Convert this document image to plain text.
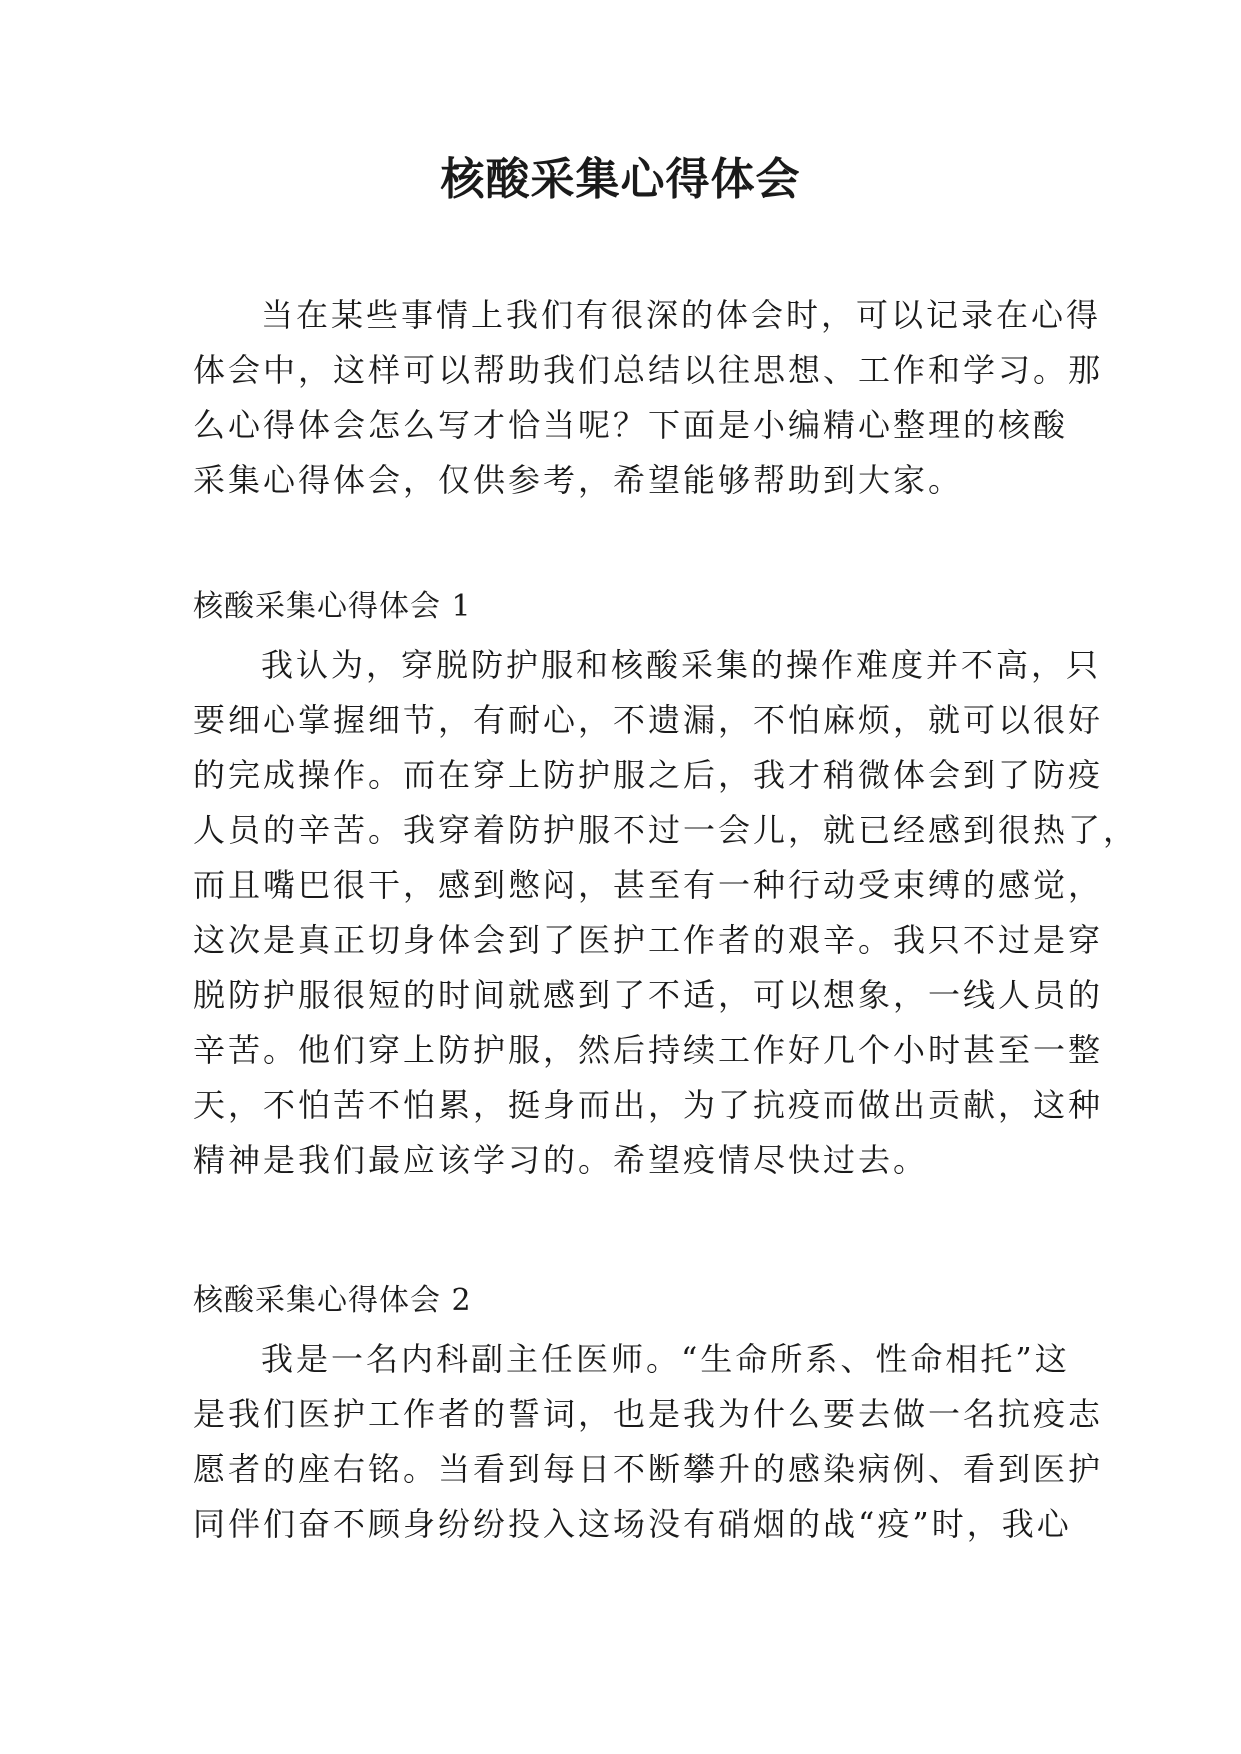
核酸采集心得体会
当在某些事情上我们有很深的体会时，可以记录在心得
体会中，这样可以帮助我们总结以往思想、工作和学习。那
么心得体会怎么写才恰当呢？下面是小编精心整理的核酸
采集心得体会，仅供参考，希望能够帮助到大家。
核酸采集心得体会 1
我认为，穿脱防护服和核酸采集的操作难度并不高，只
要细心掌握细节，有耐心，不遗漏，不怕麻烦，就可以很好
的完成操作。而在穿上防护服之后，我才稍微体会到了防疫
人员的辛苦。我穿着防护服不过一会儿，就已经感到很热了，
而且嘴巴很干，感到憋闷，甚至有一种行动受束缚的感觉，
这次是真正切身体会到了医护工作者的艰辛。我只不过是穿
脱防护服很短的时间就感到了不适，可以想象，一线人员的
辛苦。他们穿上防护服，然后持续工作好几个小时甚至一整
天，不怕苦不怕累，挺身而出，为了抗疫而做出贡献，这种
精神是我们最应该学习的。希望疫情尽快过去。
核酸采集心得体会 2
我是一名内科副主任医师。“生命所系、性命相托”这
是我们医护工作者的誓词，也是我为什么要去做一名抗疫志
愿者的座右铭。当看到每日不断攀升的感染病例、看到医护
同伴们奋不顾身纷纷投入这场没有硝烟的战“疫”时，我心
